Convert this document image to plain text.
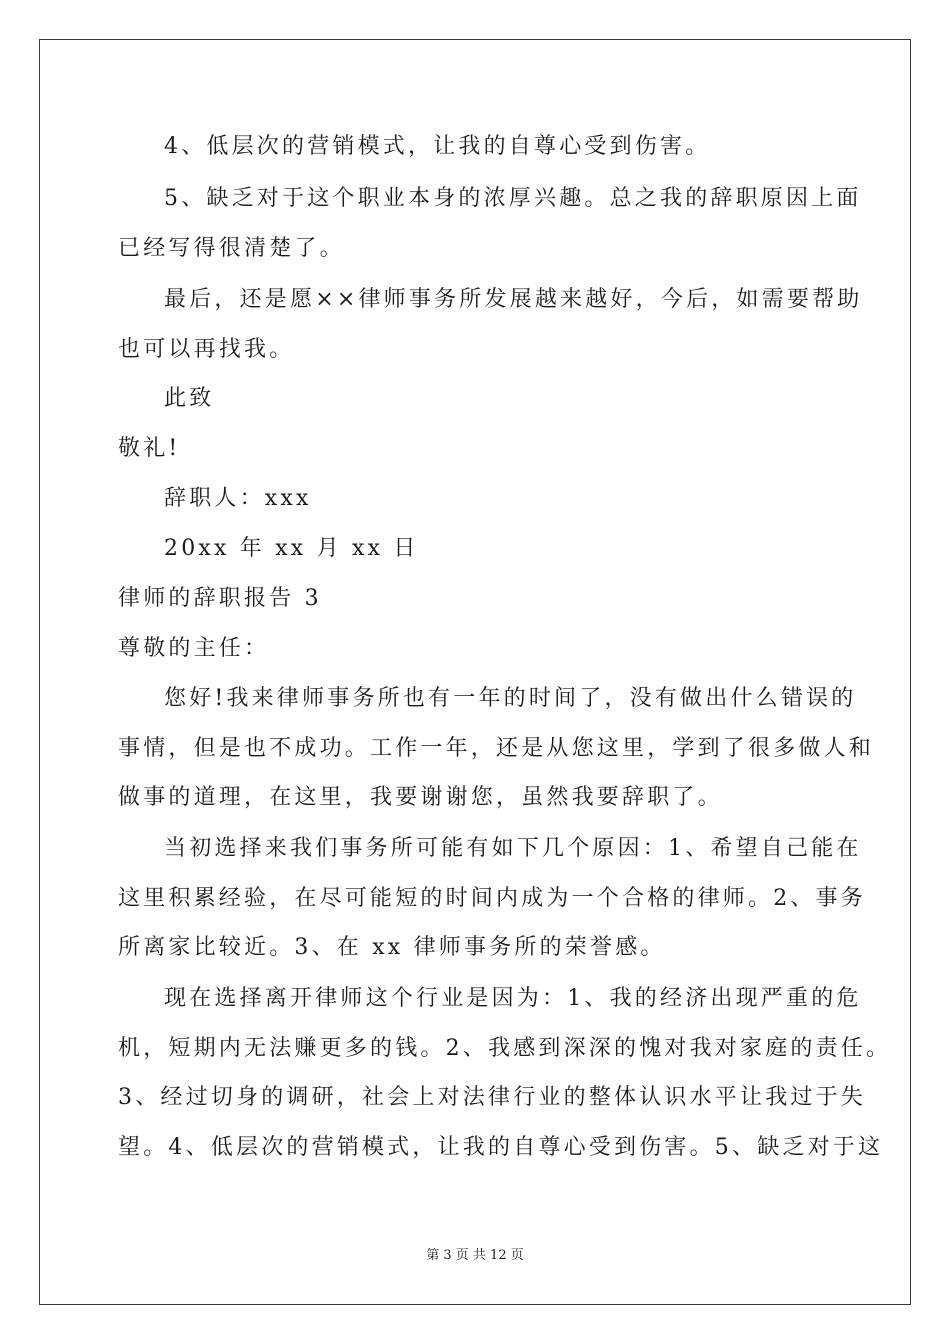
4、低层次的营销模式，让我的自尊心受到伤害。
5、缺乏对于这个职业本身的浓厚兴趣。总之我的辞职原因上面
已经写得很清楚了。
最后，还是愿××律师事务所发展越来越好，今后，如需要帮助
也可以再找我。
此致
敬礼!
辞职人：xxx
20xx 年 xx 月 xx 日
律师的辞职报告 3
尊敬的主任：
您好!我来律师事务所也有一年的时间了，没有做出什么错误的
事情，但是也不成功。工作一年，还是从您这里，学到了很多做人和
做事的道理，在这里，我要谢谢您，虽然我要辞职了。
当初选择来我们事务所可能有如下几个原因：1、希望自己能在
这里积累经验，在尽可能短的时间内成为一个合格的律师。2、事务
所离家比较近。3、在 xx 律师事务所的荣誉感。
现在选择离开律师这个行业是因为：1、我的经济出现严重的危
机，短期内无法赚更多的钱。2、我感到深深的愧对我对家庭的责任。
3、经过切身的调研，社会上对法律行业的整体认识水平让我过于失
望。4、低层次的营销模式，让我的自尊心受到伤害。5、缺乏对于这
第 3 页 共 12 页
